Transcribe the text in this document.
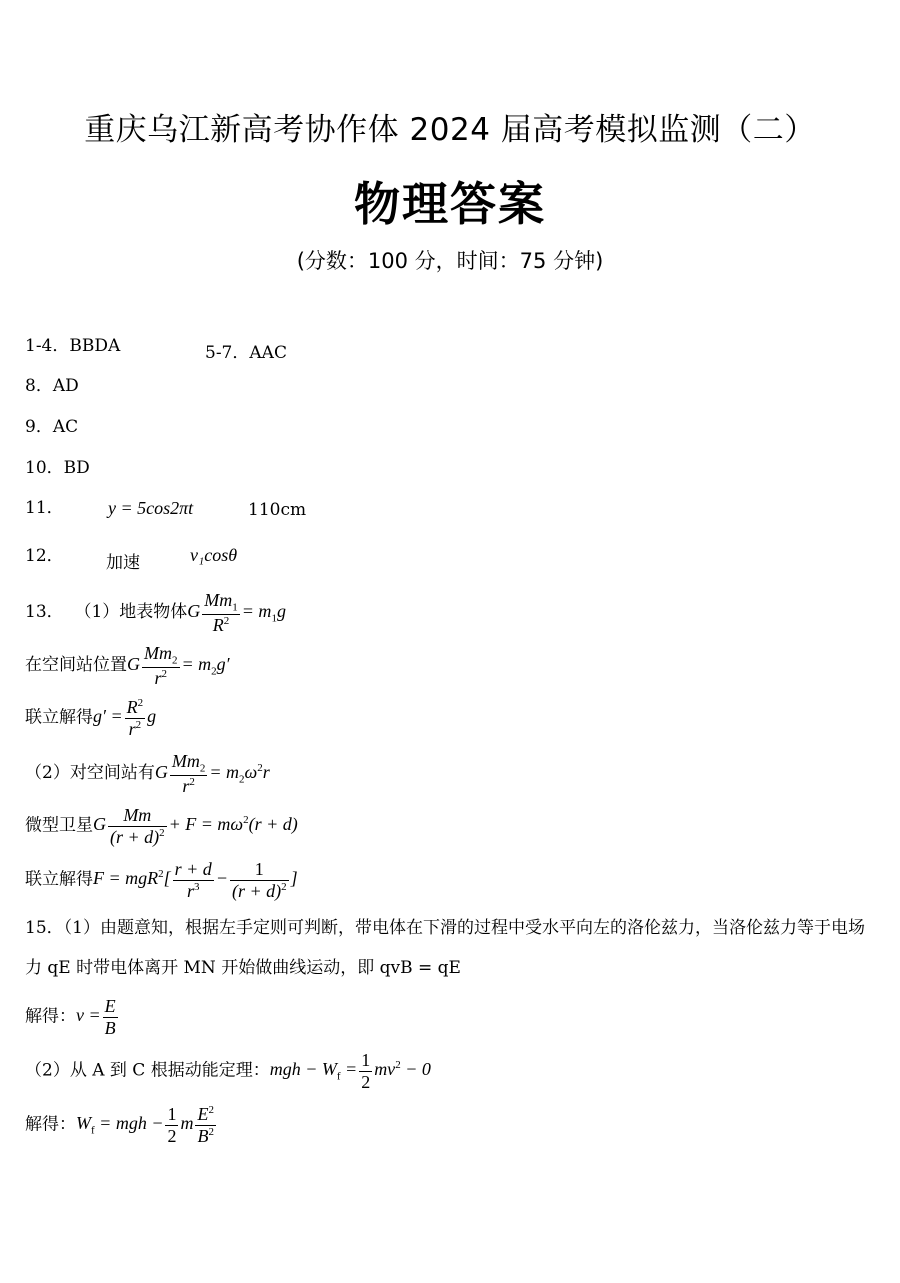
重庆乌江新高考协作体 2024 届高考模拟监测（二）
物理答案
(分数：100 分，时间：75 分钟)
1-4．BBDA	5-7．AAC
8．AD
9．AC
10．BD
11． y = 5cos2πt	110cm
12． 加速	v₁cosθ
13． （1）地表物体G $\frac{Mm_1}{R^2} = m_1g$
在空间站位置G $\frac{Mm_2}{r^2} = m_2g'$
联立解得$g' = \frac{R^2}{r^2}$ g
（2）对空间站有G $\frac{Mm_2}{r^2} = m_2\omega^2r$
微型卫星G $\frac{Mm}{(r + d)^2} + F = m\omega^2(r + d)$
联立解得$F = mgR^2[ \frac{r + d}{r^3} - \frac{1}{(r + d)^2}$ ]
15．（1）由题意知，根据左手定则可判断，带电体在下滑的过程中受水平向左的洛伦兹力，当洛伦兹力等于电场力 qE 时带电体离开 MN 开始做曲线运动，即 qvB = qE
解得：$v = \frac{E}{B}$
（2）从 A 到 C 根据动能定理：mgh − $W_f = \frac{1}{2} mv^2 - 0$
解得：$W_f$ = mgh − $\frac{1}{2}$ m $\frac{E^2}{B^2}$
